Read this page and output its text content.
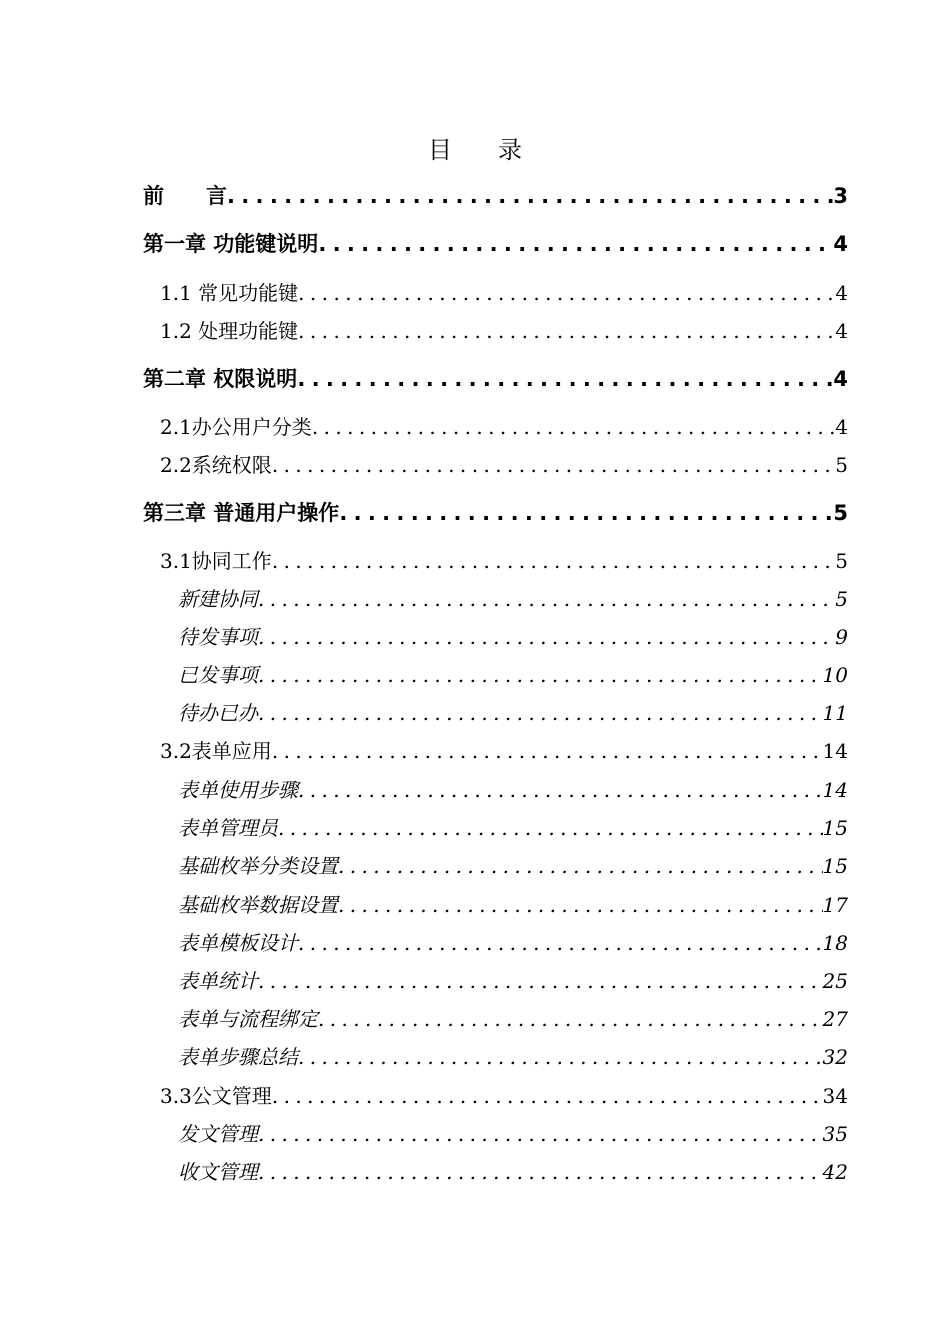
目录
前　　言 .....	3
第一章 功能键说明 .....	4
1.1 常见功能键 .....	4
1.2 处理功能键 .....	4
第二章 权限说明 .....	4
2.1办公用户分类 .....	4
2.2系统权限 .....	5
第三章 普通用户操作 .....	5
3.1协同工作 .....	5
新建协同 .....	5
待发事项 .....	9
已发事项 .....	10
待办已办 .....	11
3.2表单应用 .....	14
表单使用步骤 .....	14
表单管理员 .....	15
基础枚举分类设置 .....	15
基础枚举数据设置 .....	17
表单模板设计 .....	18
表单统计 .....	25
表单与流程绑定 .....	27
表单步骤总结 .....	32
3.3公文管理 .....	34
发文管理 .....	35
收文管理 .....	42
